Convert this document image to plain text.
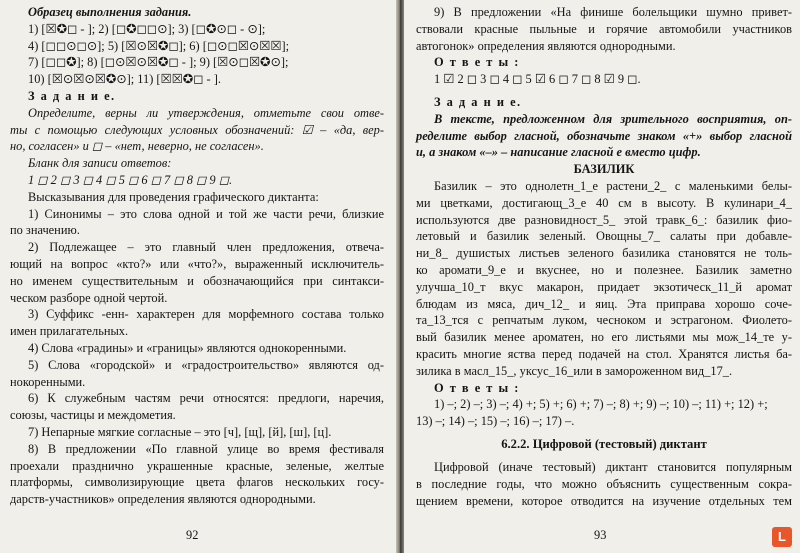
Образец выполнения задания.
1) [☒✪◻ - ]; 2) [◻✪◻◻⊙]; 3) [◻✪⊙◻ - ⊙];
4) [◻◻⊙◻⊙]; 5) [☒⊙☒✪◻]; 6) [◻⊙◻☒⊙☒☒];
7) [◻◻✪]; 8) [◻⊙☒⊙☒✪◻ - ]; 9) [☒⊙◻☒✪⊙];
10) [☒⊙☒⊙☒✪⊙]; 11) [☒☒✪◻ - ].
З а д а н и е.
Определите, верны ли утверждения, отметьте свои отве-
ты с помощью следующих условных обозначений: ☑ – «да, вер-
но, согласен» и ◻ – «нет, неверно, не согласен».
Бланк для записи ответов:
1 ◻ 2 ◻ 3 ◻ 4 ◻ 5 ◻ 6 ◻ 7 ◻ 8 ◻ 9 ◻.
Высказывания для проведения графического диктанта:
1) Синонимы – это слова одной и той же части речи, близкие
по значению.
2) Подлежащее – это главный член предложения, отвеча-
ющий на вопрос «кто?» или «что?», выраженный исключитель-
но именем существительным и обозначающийся при синтакси-
ческом разборе одной чертой.
3) Суффикс -енн- характерен для морфемного состава только
имен прилагательных.
4) Слова «градины» и «границы» являются однокоренными.
5) Слова «городской» и «градостроительство» являются од-
нокоренными.
6) К служебным частям речи относятся: предлоги, наречия,
союзы, частицы и междометия.
7) Непарные мягкие согласные – это [ч], [щ], [й], [ш], [ц].
8) В предложении «По главной улице во время фестиваля
проехали празднично украшенные красные, зеленые, желтые
платформы, символизирующие цвета флагов нескольких госу-
дарств-участников» определения являются однородными.
92
9) В предложении «На финише болельщики шумно привет-
ствовали красные пыльные и горячие автомобили участников
автогонок» определения являются однородными.
О т в е т ы :
1 ☑ 2 ◻ 3 ◻ 4 ◻ 5 ☑ 6 ◻ 7 ◻ 8 ☑ 9 ◻.
З а д а н и е.
В тексте, предложенном для зрительного восприятия, оп-
ределите выбор гласной, обозначьте знаком «+» выбор гласной
и, а знаком «–» – написание гласной е вместо цифр.
БАЗИЛИК
Базилик – это однолетн_1_е растени_2_ с маленькими белы-
ми цветками, достигающ_3_е 40 см в высоту. В кулинари_4_
используются две разновидност_5_ этой травк_6_: базилик фио-
летовый и базилик зеленый. Овощны_7_ салаты при добавле-
ни_8_ душистых листьев зеленого базилика становятся не толь-
ко аромати_9_е и вкуснее, но и полезнее. Базилик заметно
улучша_10_т вкус макарон, придает экзотическ_11_й аромат
блюдам из мяса, дич_12_ и яиц. Эта приправа хорошо соче-
та_13_тся с репчатым луком, чесноком и эстрагоном. Фиолето-
вый базилик менее ароматен, но его листьями мы мож_14_те у-
красить многие яства перед подачей на стол. Хранятся листья ба-
зилика в масл_15_, уксус_16_или в замороженном вид_17_.
О т в е т ы :
1) –; 2) –; 3) –; 4) +; 5) +; 6) +; 7) –; 8) +; 9) –; 10) –; 11) +; 12) +;
13) –; 14) –; 15) –; 16) –; 17) –.
6.2.2. Цифровой (тестовый) диктант
Цифровой (иначе тестовый) диктант становится популярным
в последние годы, что можно объяснить существенным сокра-
щением времени, которое отводится на изучение отдельных тем
93	L
